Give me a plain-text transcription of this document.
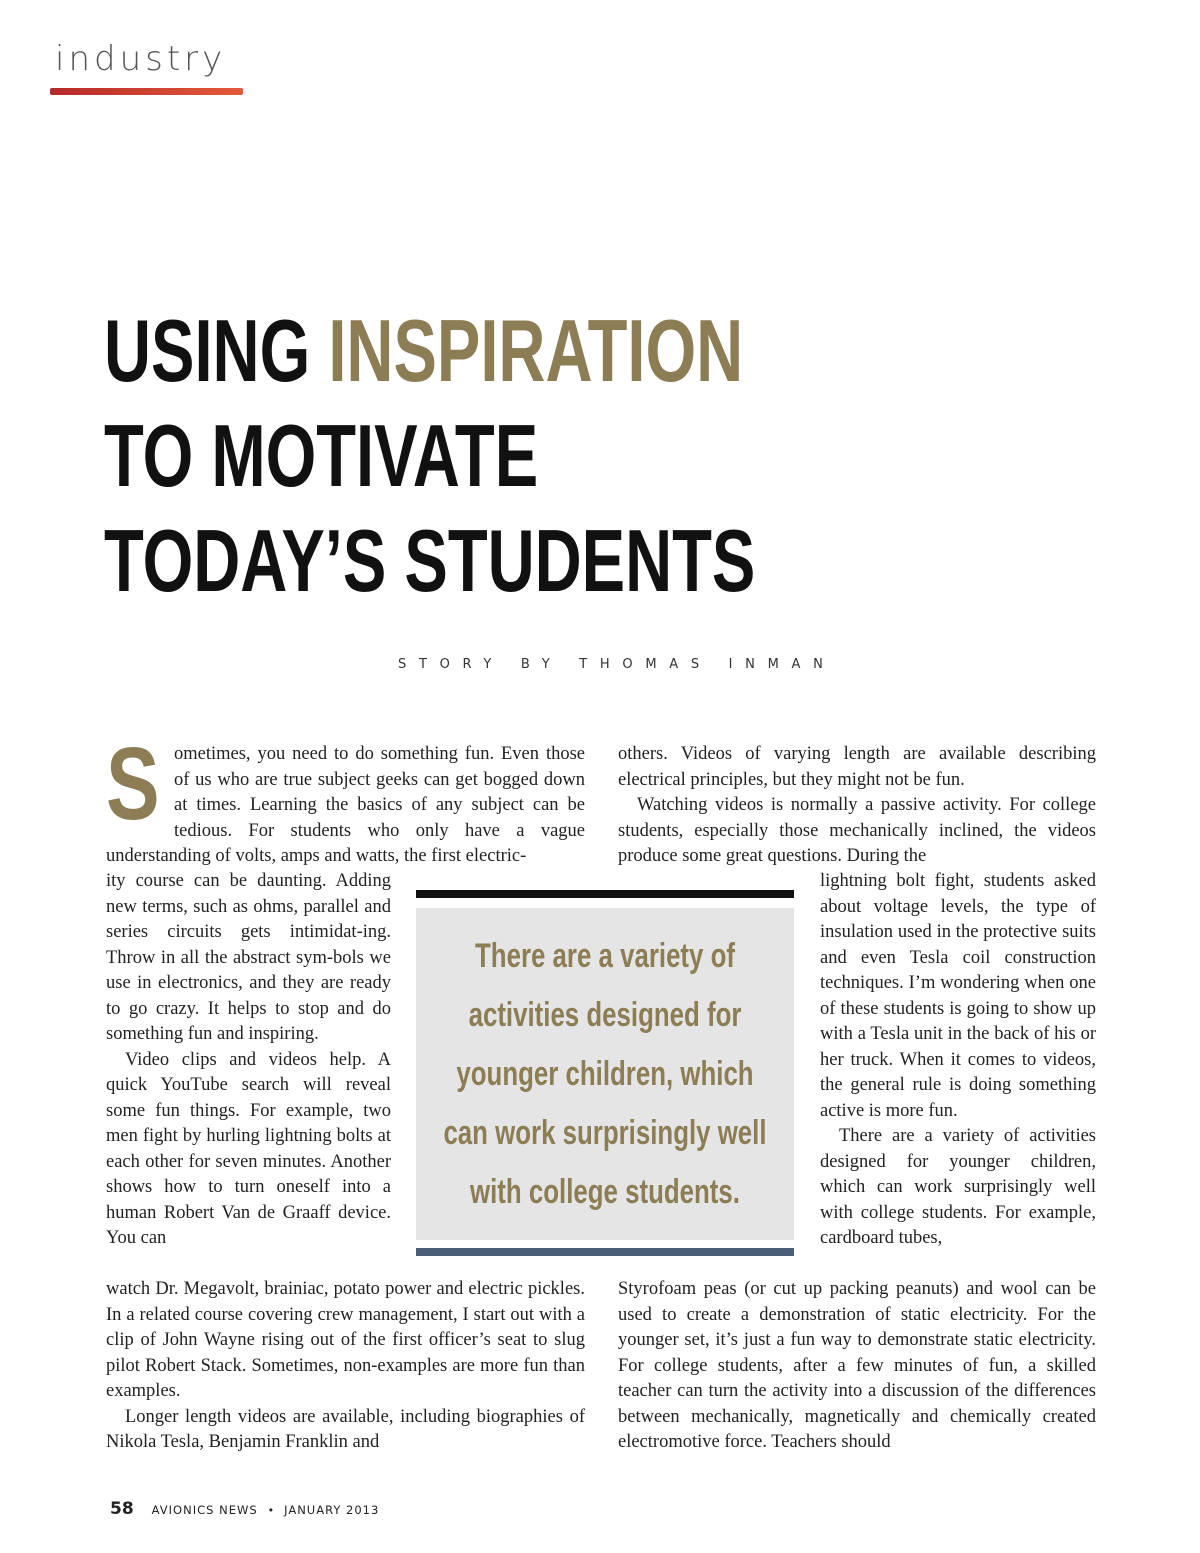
industry
USING INSPIRATION
TO MOTIVATE
TODAY’S STUDENTS
STORY BY THOMAS INMAN

Sometimes, you need to do something fun. Even those of us who are true subject geeks can get bogged down at times. Learning the basics of any subject can be tedious. For students who only have a vague understanding of volts, amps and watts, the first electric-

ity course can be daunting. Adding new terms, such as ohms, parallel and series circuits gets intimidat-ing. Throw in all the abstract sym-bols we use in electronics, and they are ready to go crazy. It helps to stop and do something fun and inspiring.

Video clips and videos help. A quick YouTube search will reveal some fun things. For example, two men fight by hurling lightning bolts at each other for seven minutes. Another shows how to turn oneself into a human Robert Van de Graaff device. You can

watch Dr. Megavolt, brainiac, potato power and electric pickles. In a related course covering crew management, I start out with a clip of John Wayne rising out of the first officer’s seat to slug pilot Robert Stack. Sometimes, non-examples are more fun than examples.

Longer length videos are available, including biographies of Nikola Tesla, Benjamin Franklin and

others. Videos of varying length are available describing electrical principles, but they might not be fun.

Watching videos is normally a passive activity. For college students, especially those mechanically inclined, the videos produce some great questions. During the

lightning bolt fight, students asked about voltage levels, the type of insulation used in the protective suits and even Tesla coil construction techniques. I’m wondering when one of these students is going to show up with a Tesla unit in the back of his or her truck. When it comes to videos, the general rule is doing something active is more fun.

There are a variety of activities designed for younger children, which can work surprisingly well with college students. For example, cardboard tubes,

Styrofoam peas (or cut up packing peanuts) and wool can be used to create a demonstration of static electricity. For the younger set, it’s just a fun way to demonstrate static electricity. For college students, after a few minutes of fun, a skilled teacher can turn the activity into a discussion of the differences between mechanically, magnetically and chemically created electromotive force. Teachers should

There are a variety of
activities designed for
younger children, which
can work surprisingly well
with college students.

58 AVIONICS NEWS • JANUARY 2013
